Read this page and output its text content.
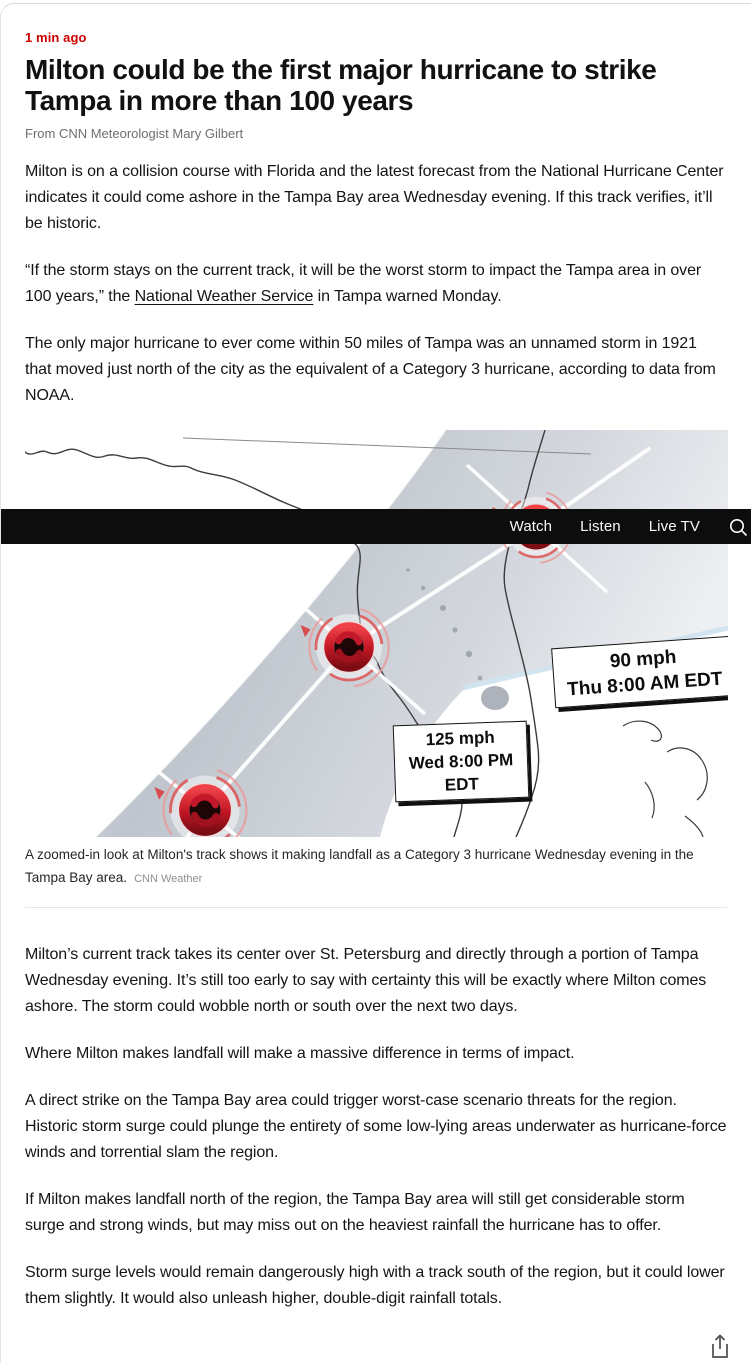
1 min ago
Milton could be the first major hurricane to strike Tampa in more than 100 years
From CNN Meteorologist Mary Gilbert

Milton is on a collision course with Florida and the latest forecast from the National Hurricane Center indicates it could come ashore in the Tampa Bay area Wednesday evening. If this track verifies, it’ll be historic.

“If the storm stays on the current track, it will be the worst storm to impact the Tampa area in over 100 years,” the National Weather Service in Tampa warned Monday.

The only major hurricane to ever come within 50 miles of Tampa was an unnamed storm in 1921 that moved just north of the city as the equivalent of a Category 3 hurricane, according to data from NOAA.

125 mph
Wed 8:00 PM EDT
90 mph
Thu 8:00 AM EDT
A zoomed-in look at Milton's track shows it making landfall as a Category 3 hurricane Wednesday evening in the Tampa Bay area. CNN Weather

Milton’s current track takes its center over St. Petersburg and directly through a portion of Tampa Wednesday evening. It’s still too early to say with certainty this will be exactly where Milton comes ashore. The storm could wobble north or south over the next two days.

Where Milton makes landfall will make a massive difference in terms of impact.

A direct strike on the Tampa Bay area could trigger worst-case scenario threats for the region. Historic storm surge could plunge the entirety of some low-lying areas underwater as hurricane-force winds and torrential slam the region.

If Milton makes landfall north of the region, the Tampa Bay area will still get considerable storm surge and strong winds, but may miss out on the heaviest rainfall the hurricane has to offer.

Storm surge levels would remain dangerously high with a track south of the region, but it could lower them slightly. It would also unleash higher, double-digit rainfall totals.

Watch Listen Live TV
